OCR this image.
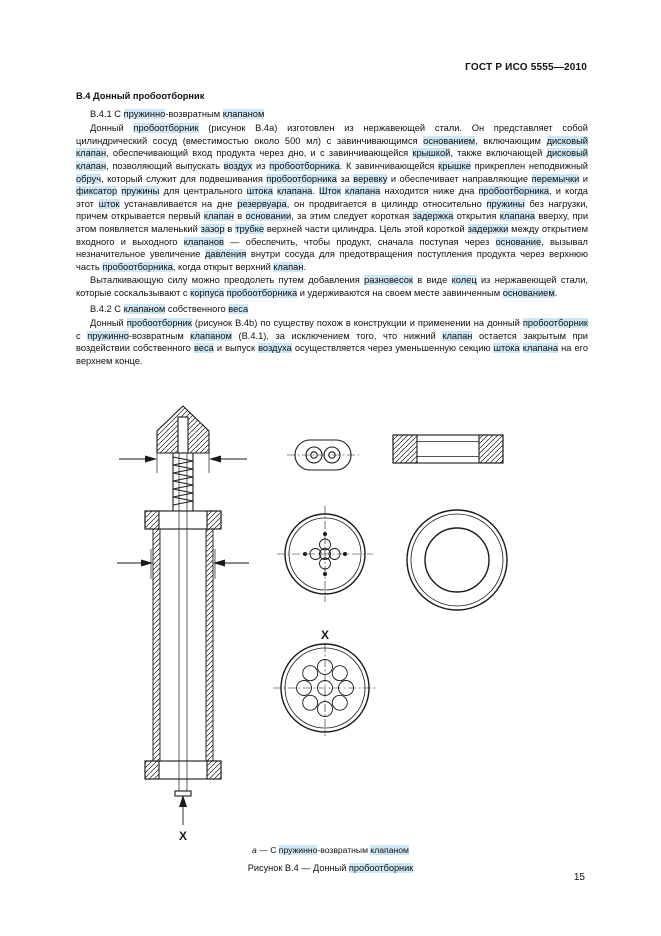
ГОСТ Р ИСО 5555—2010

В.4 Донный пробоотборник

В.4.1 С пружинно-возвратным клапаном

Донный пробоотборник (рисунок В.4а) изготовлен из нержавеющей стали. Он представляет собой цилиндрический сосуд (вместимостью около 500 мл) с завинчивающимся основанием, включающим дисковый клапан, обеспечивающий вход продукта через дно, и с завинчивающейся крышкой, также включающей дисковый клапан, позволяющий выпускать воздух из пробоотборника. К завинчивающейся крышке прикреплен неподвижный обруч, который служит для подвешивания пробоотборника за веревку и обеспечивает направляющие перемычки и фиксатор пружины для центрального штока клапана. Шток клапана находится ниже дна пробоотборника, и когда этот шток устанавливается на дне резервуара, он продвигается в цилиндр относительно пружины без нагрузки, причем открывается первый клапан в основании, за этим следует короткая задержка открытия клапана вверху, при этом появляется маленький зазор в трубке верхней части цилиндра. Цель этой короткой задержки между открытием входного и выходного клапанов — обеспечить, чтобы продукт, сначала поступая через основание, вызывал незначительное увеличение давления внутри сосуда для предотвращения поступления продукта через верхнюю часть пробоотборника, когда открыт верхний клапан.

Выталкивающую силу можно преодолеть путем добавления разновесок в виде колец из нержавеющей стали, которые соскальзывают с корпуса пробоотборника и удерживаются на своем месте завинченным основанием.

В.4.2 С клапаном собственного веса

Донный пробоотборник (рисунок В.4b) по существу похож в конструкции и применении на донный пробоотборник с пружинно-возвратным клапаном (В.4.1), за исключением того, что нижний клапан остается закрытым при воздействии собственного веса и выпуск воздуха осуществляется через уменьшенную секцию штока клапана на его верхнем конце.

X
X
а — С пружинно-возвратным клапаном
Рисунок В.4 — Донный пробоотборник
15
